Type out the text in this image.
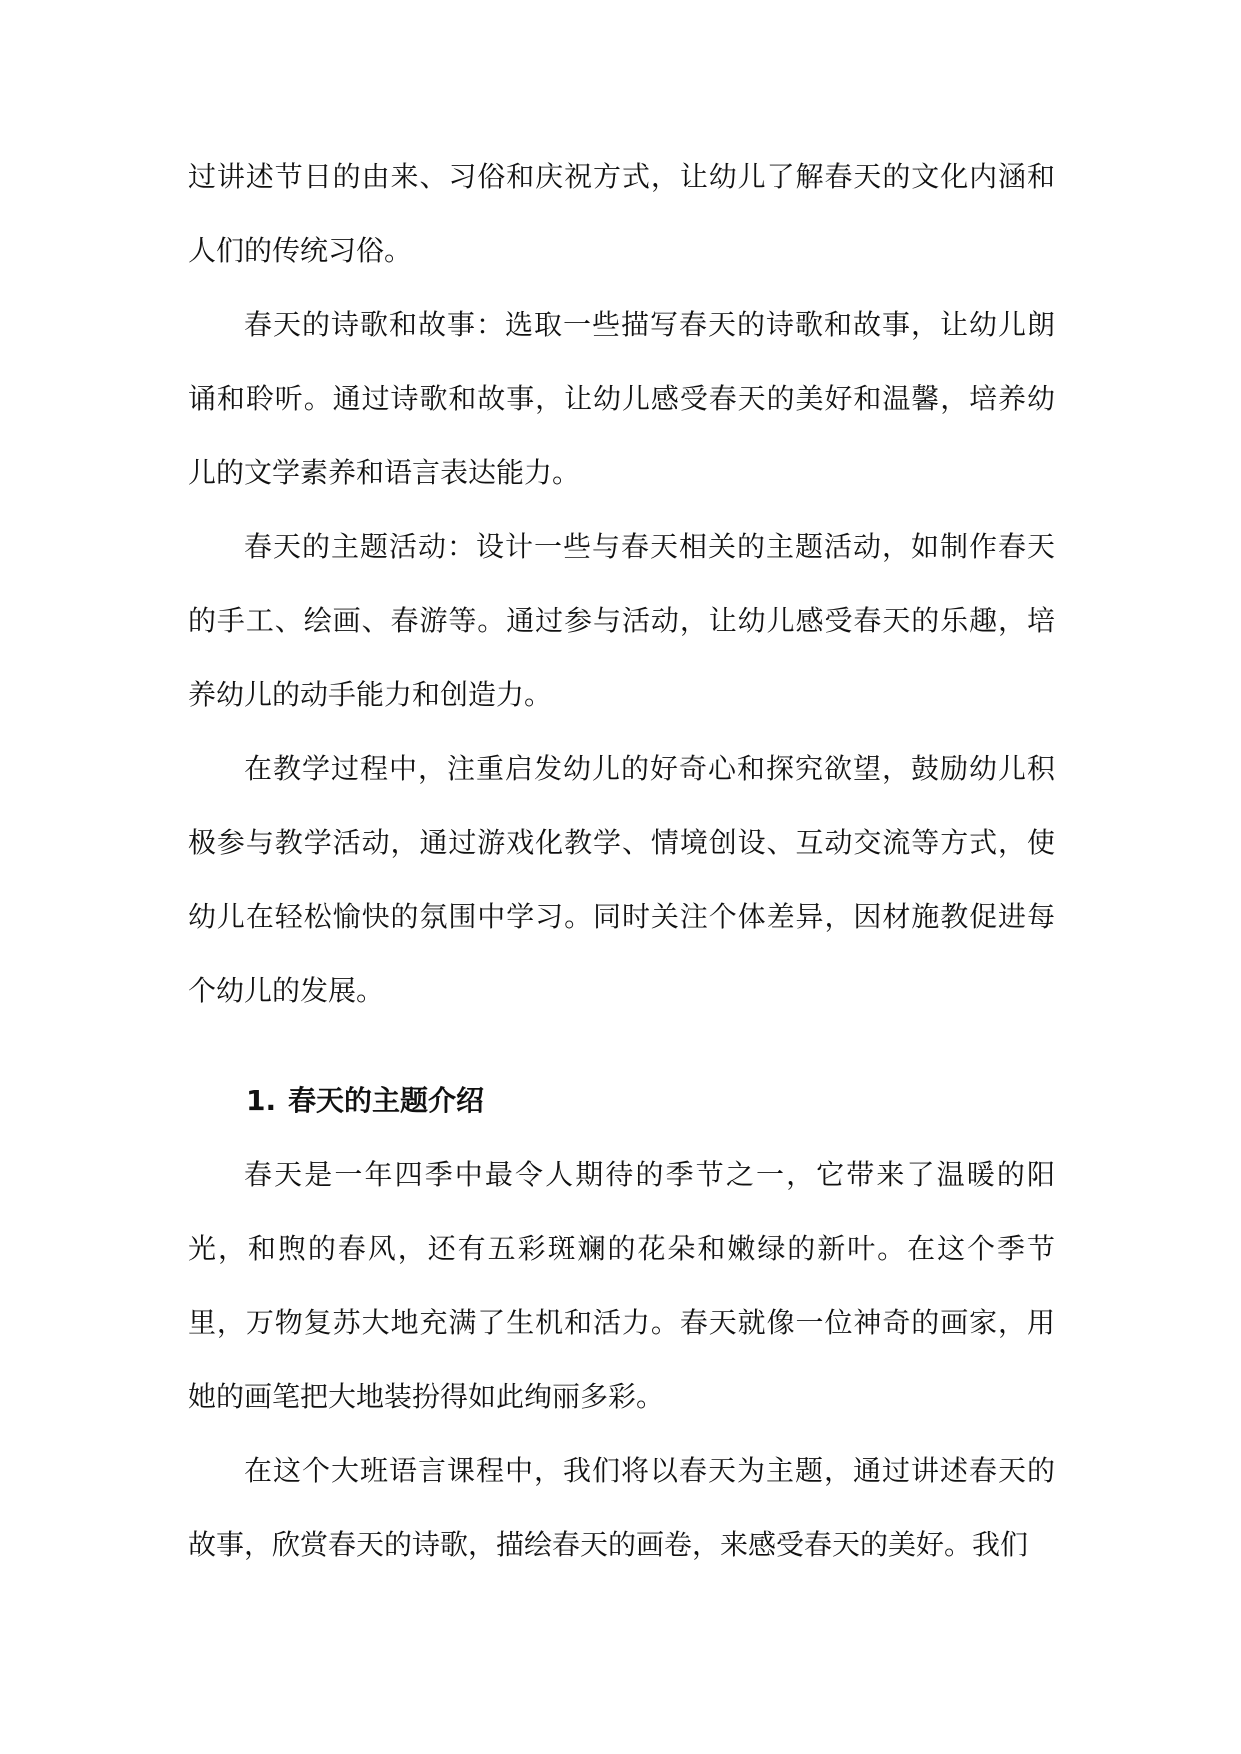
过讲述节日的由来、习俗和庆祝方式，让幼儿了解春天的文化内涵和人们的传统习俗。

春天的诗歌和故事：选取一些描写春天的诗歌和故事，让幼儿朗诵和聆听。通过诗歌和故事，让幼儿感受春天的美好和温馨，培养幼儿的文学素养和语言表达能力。

春天的主题活动：设计一些与春天相关的主题活动，如制作春天的手工、绘画、春游等。通过参与活动，让幼儿感受春天的乐趣，培养幼儿的动手能力和创造力。

在教学过程中，注重启发幼儿的好奇心和探究欲望，鼓励幼儿积极参与教学活动，通过游戏化教学、情境创设、互动交流等方式，使幼儿在轻松愉快的氛围中学习。同时关注个体差异，因材施教促进每个幼儿的发展。

1. 春天的主题介绍

春天是一年四季中最令人期待的季节之一，它带来了温暖的阳光，和煦的春风，还有五彩斑斓的花朵和嫩绿的新叶。在这个季节里，万物复苏大地充满了生机和活力。春天就像一位神奇的画家，用她的画笔把大地装扮得如此绚丽多彩。

在这个大班语言课程中，我们将以春天为主题，通过讲述春天的故事，欣赏春天的诗歌，描绘春天的画卷，来感受春天的美好。我们
